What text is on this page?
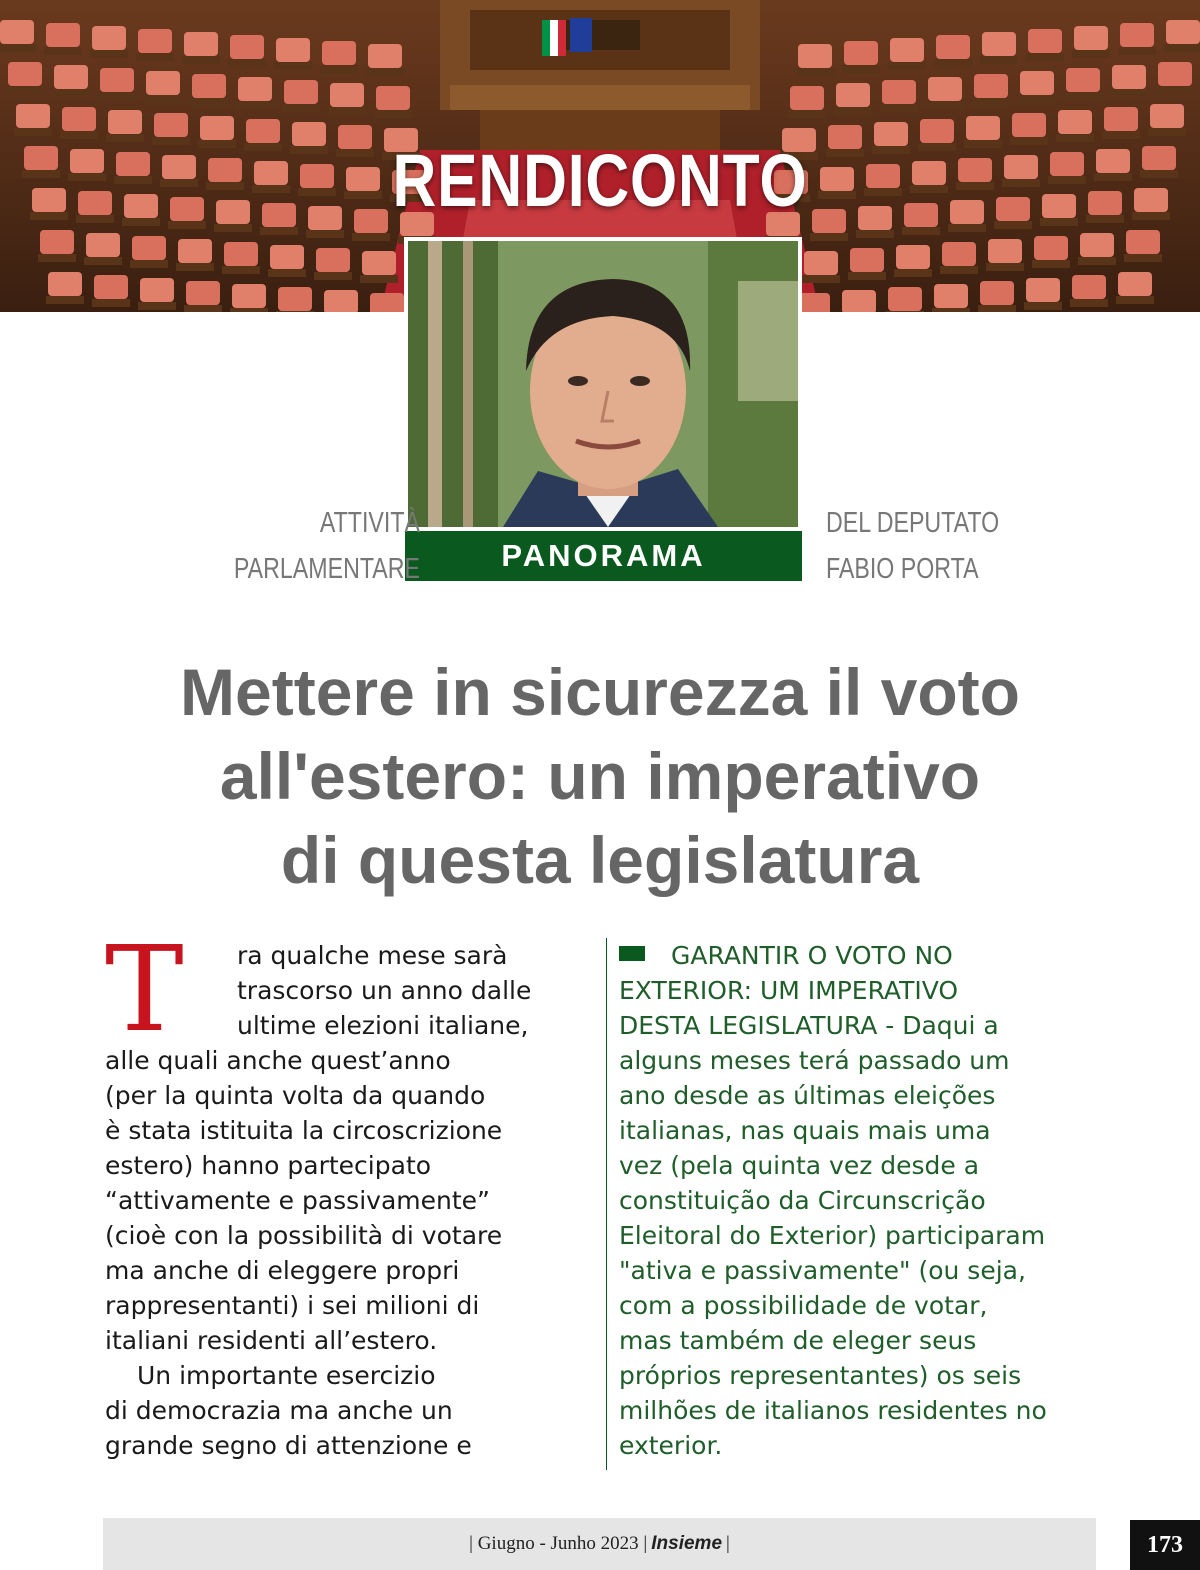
RENDICONTO
PANORAMA
ATTIVITÀ
PARLAMENTARE
DEL DEPUTATO
FABIO PORTA
Mettere in sicurezza il voto
all'estero: un imperativo
di questa legislatura
T	ra qualche mese sarà
trascorso un anno dalle
ultime elezioni italiane,
alle quali anche quest’anno
(per la quinta volta da quando
è stata istituita la circoscrizione
estero) hanno partecipato
“attivamente e passivamente”
(cioè con la possibilità di votare
ma anche di eleggere propri
rappresentanti) i sei milioni di
italiani residenti all’estero.
Un importante esercizio
di democrazia ma anche un
grande segno di attenzione e
GARANTIR O VOTO NO
EXTERIOR: UM IMPERATIVO
DESTA LEGISLATURA - Daqui a
alguns meses terá passado um
ano desde as últimas eleições
italianas, nas quais mais uma
vez (pela quinta vez desde a
constituição da Circunscrição
Eleitoral do Exterior) participaram
"ativa e passivamente" (ou seja,
com a possibilidade de votar,
mas também de eleger seus
próprios representantes) os seis
milhões de italianos residentes no
exterior.
| Giugno - Junho 2023 | Insieme |	173
